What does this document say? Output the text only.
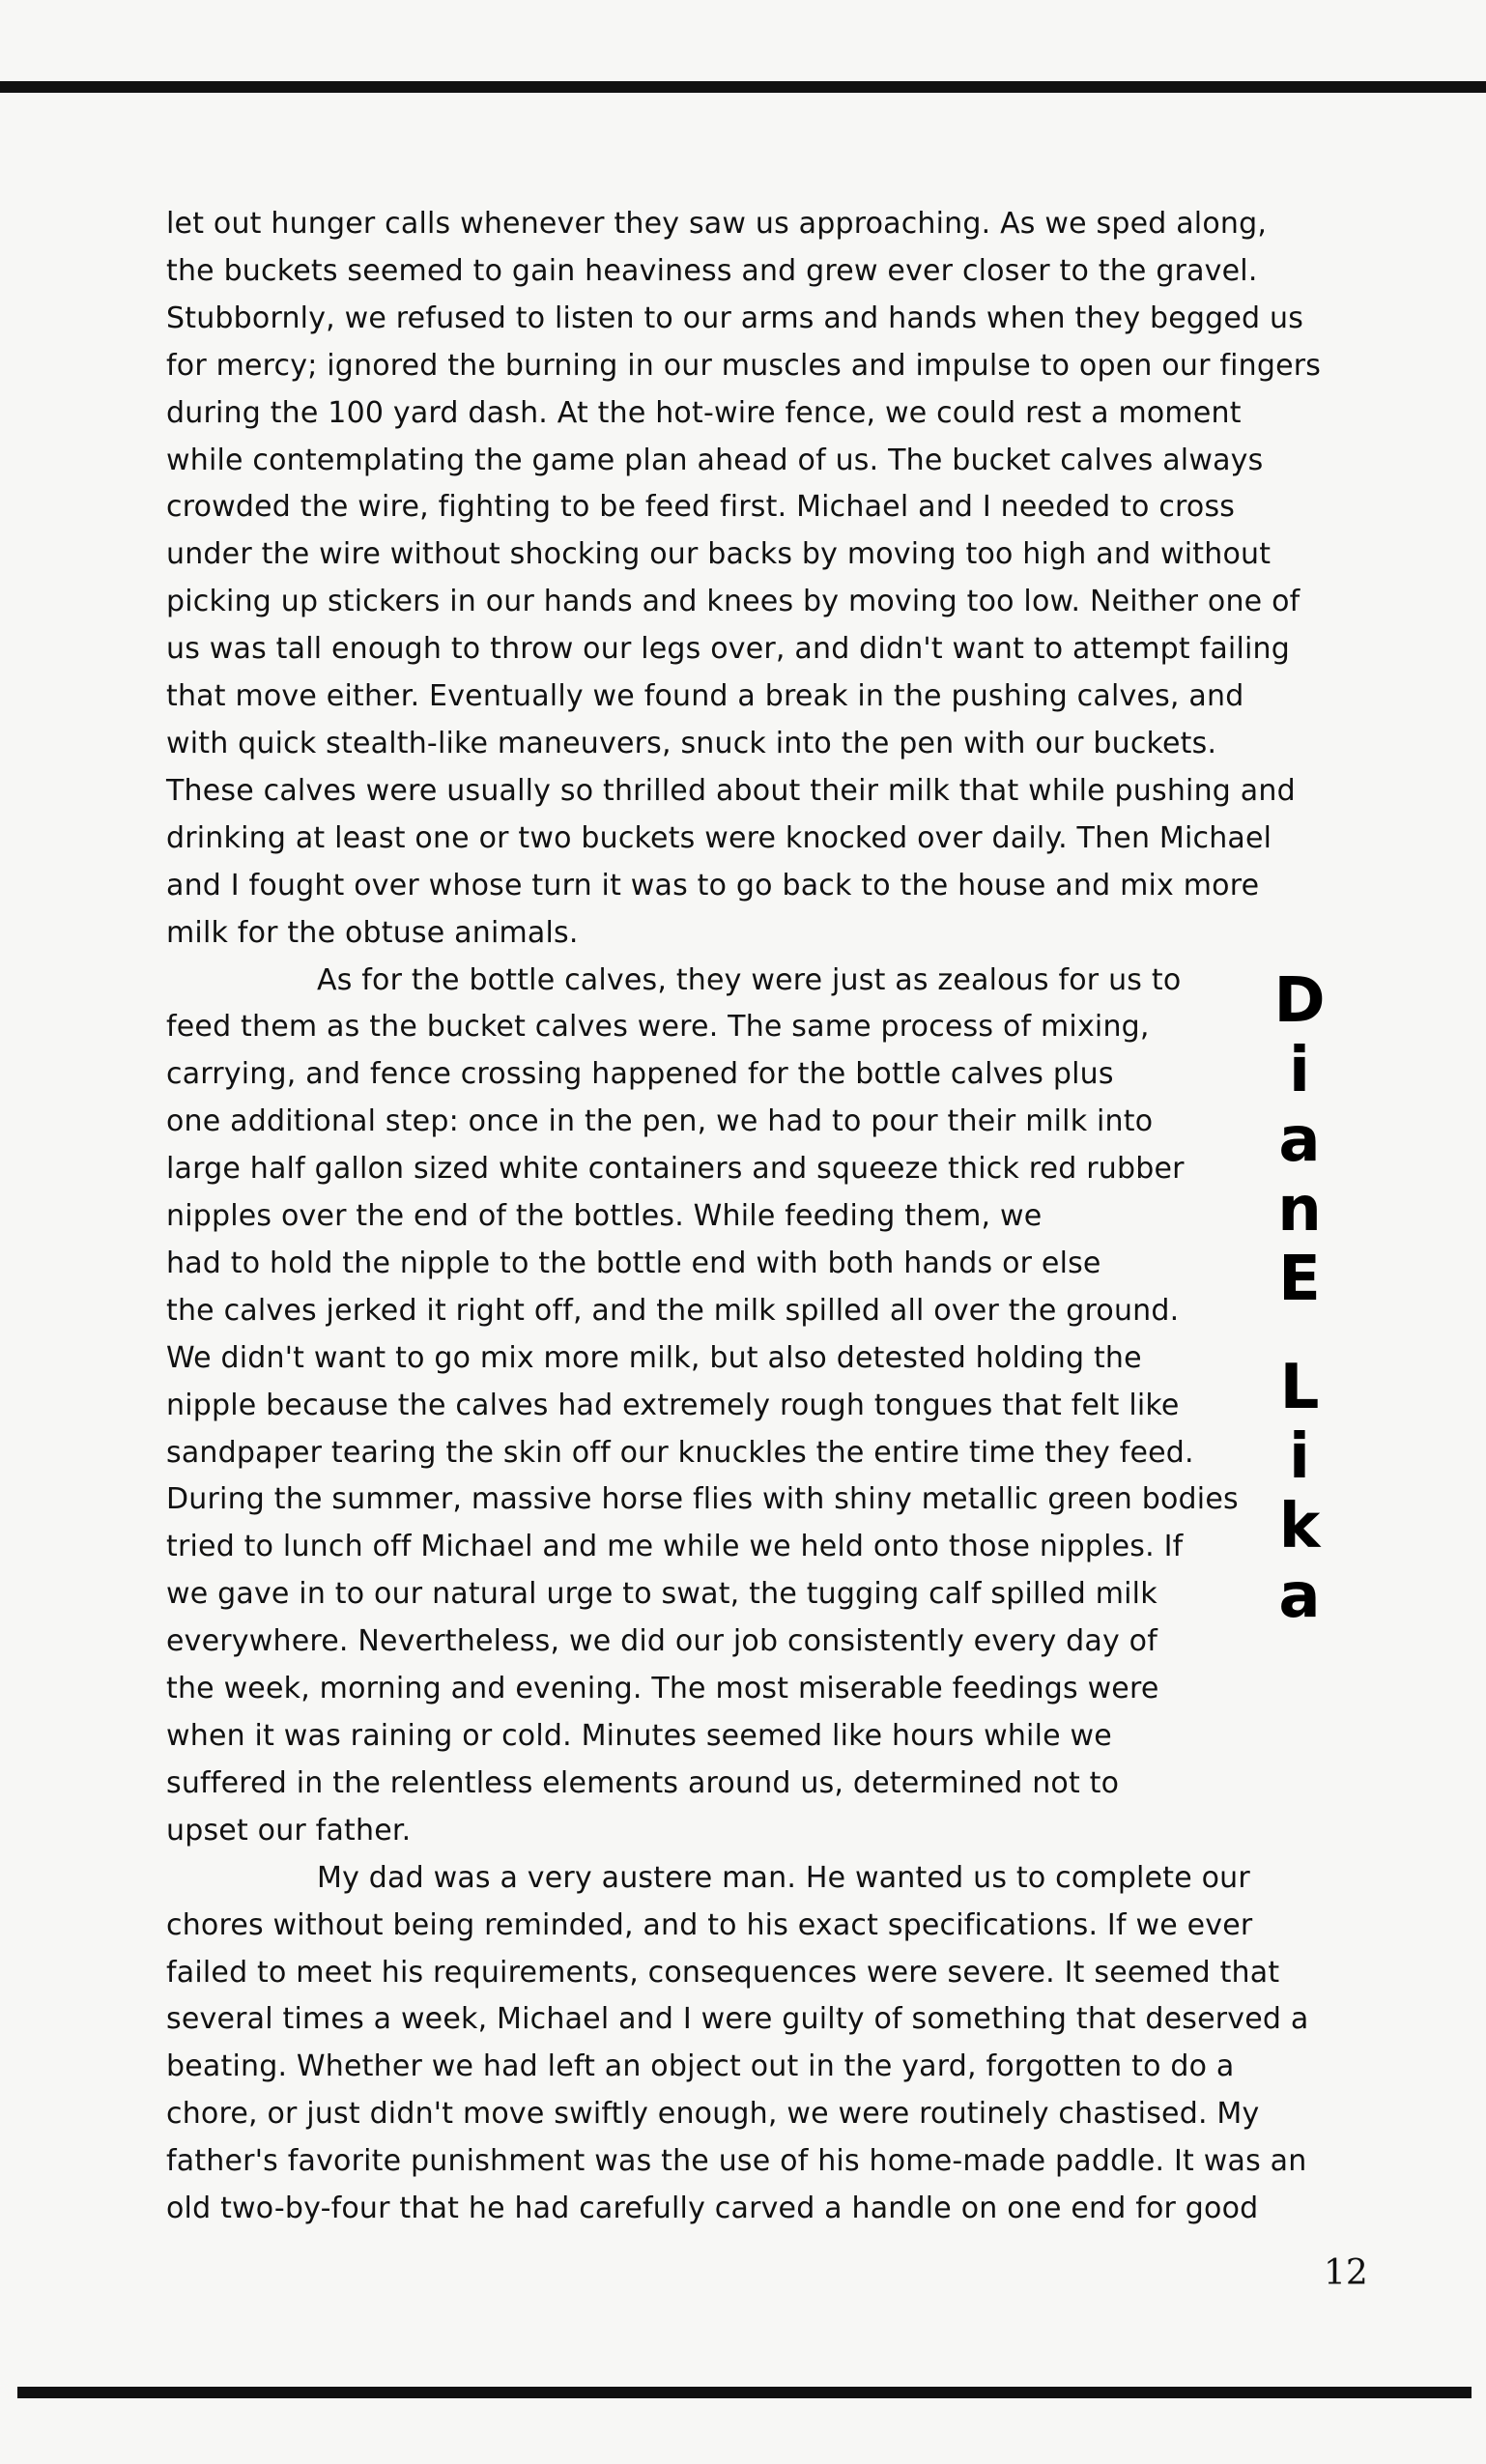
let out hunger calls whenever they saw us approaching. As we sped along,
the buckets seemed to gain heaviness and grew ever closer to the gravel.
Stubbornly, we refused to listen to our arms and hands when they begged us
for mercy; ignored the burning in our muscles and impulse to open our fingers
during the 100 yard dash. At the hot-wire fence, we could rest a moment
while contemplating the game plan ahead of us. The bucket calves always
crowded the wire, fighting to be feed first. Michael and I needed to cross
under the wire without shocking our backs by moving too high and without
picking up stickers in our hands and knees by moving too low. Neither one of
us was tall enough to throw our legs over, and didn't want to attempt failing
that move either. Eventually we found a break in the pushing calves, and
with quick stealth-like maneuvers, snuck into the pen with our buckets.
These calves were usually so thrilled about their milk that while pushing and
drinking at least one or two buckets were knocked over daily. Then Michael
and I fought over whose turn it was to go back to the house and mix more
milk for the obtuse animals.

As for the bottle calves, they were just as zealous for us to
feed them as the bucket calves were. The same process of mixing,
carrying, and fence crossing happened for the bottle calves plus
one additional step: once in the pen, we had to pour their milk into
large half gallon sized white containers and squeeze thick red rubber
nipples over the end of the bottles. While feeding them, we
had to hold the nipple to the bottle end with both hands or else
the calves jerked it right off, and the milk spilled all over the ground.
We didn't want to go mix more milk, but also detested holding the
nipple because the calves had extremely rough tongues that felt like
sandpaper tearing the skin off our knuckles the entire time they feed.
During the summer, massive horse flies with shiny metallic green bodies
tried to lunch off Michael and me while we held onto those nipples. If
we gave in to our natural urge to swat, the tugging calf spilled milk
everywhere. Nevertheless, we did our job consistently every day of
the week, morning and evening. The most miserable feedings were
when it was raining or cold. Minutes seemed like hours while we
suffered in the relentless elements around us, determined not to
upset our father.

My dad was a very austere man. He wanted us to complete our
chores without being reminded, and to his exact specifications. If we ever
failed to meet his requirements, consequences were severe. It seemed that
several times a week, Michael and I were guilty of something that deserved a
beating. Whether we had left an object out in the yard, forgotten to do a
chore, or just didn't move swiftly enough, we were routinely chastised. My
father's favorite punishment was the use of his home-made paddle. It was an
old two-by-four that he had carefully carved a handle on one end for good

D
i
a
n
E
L
i
k
a
12
